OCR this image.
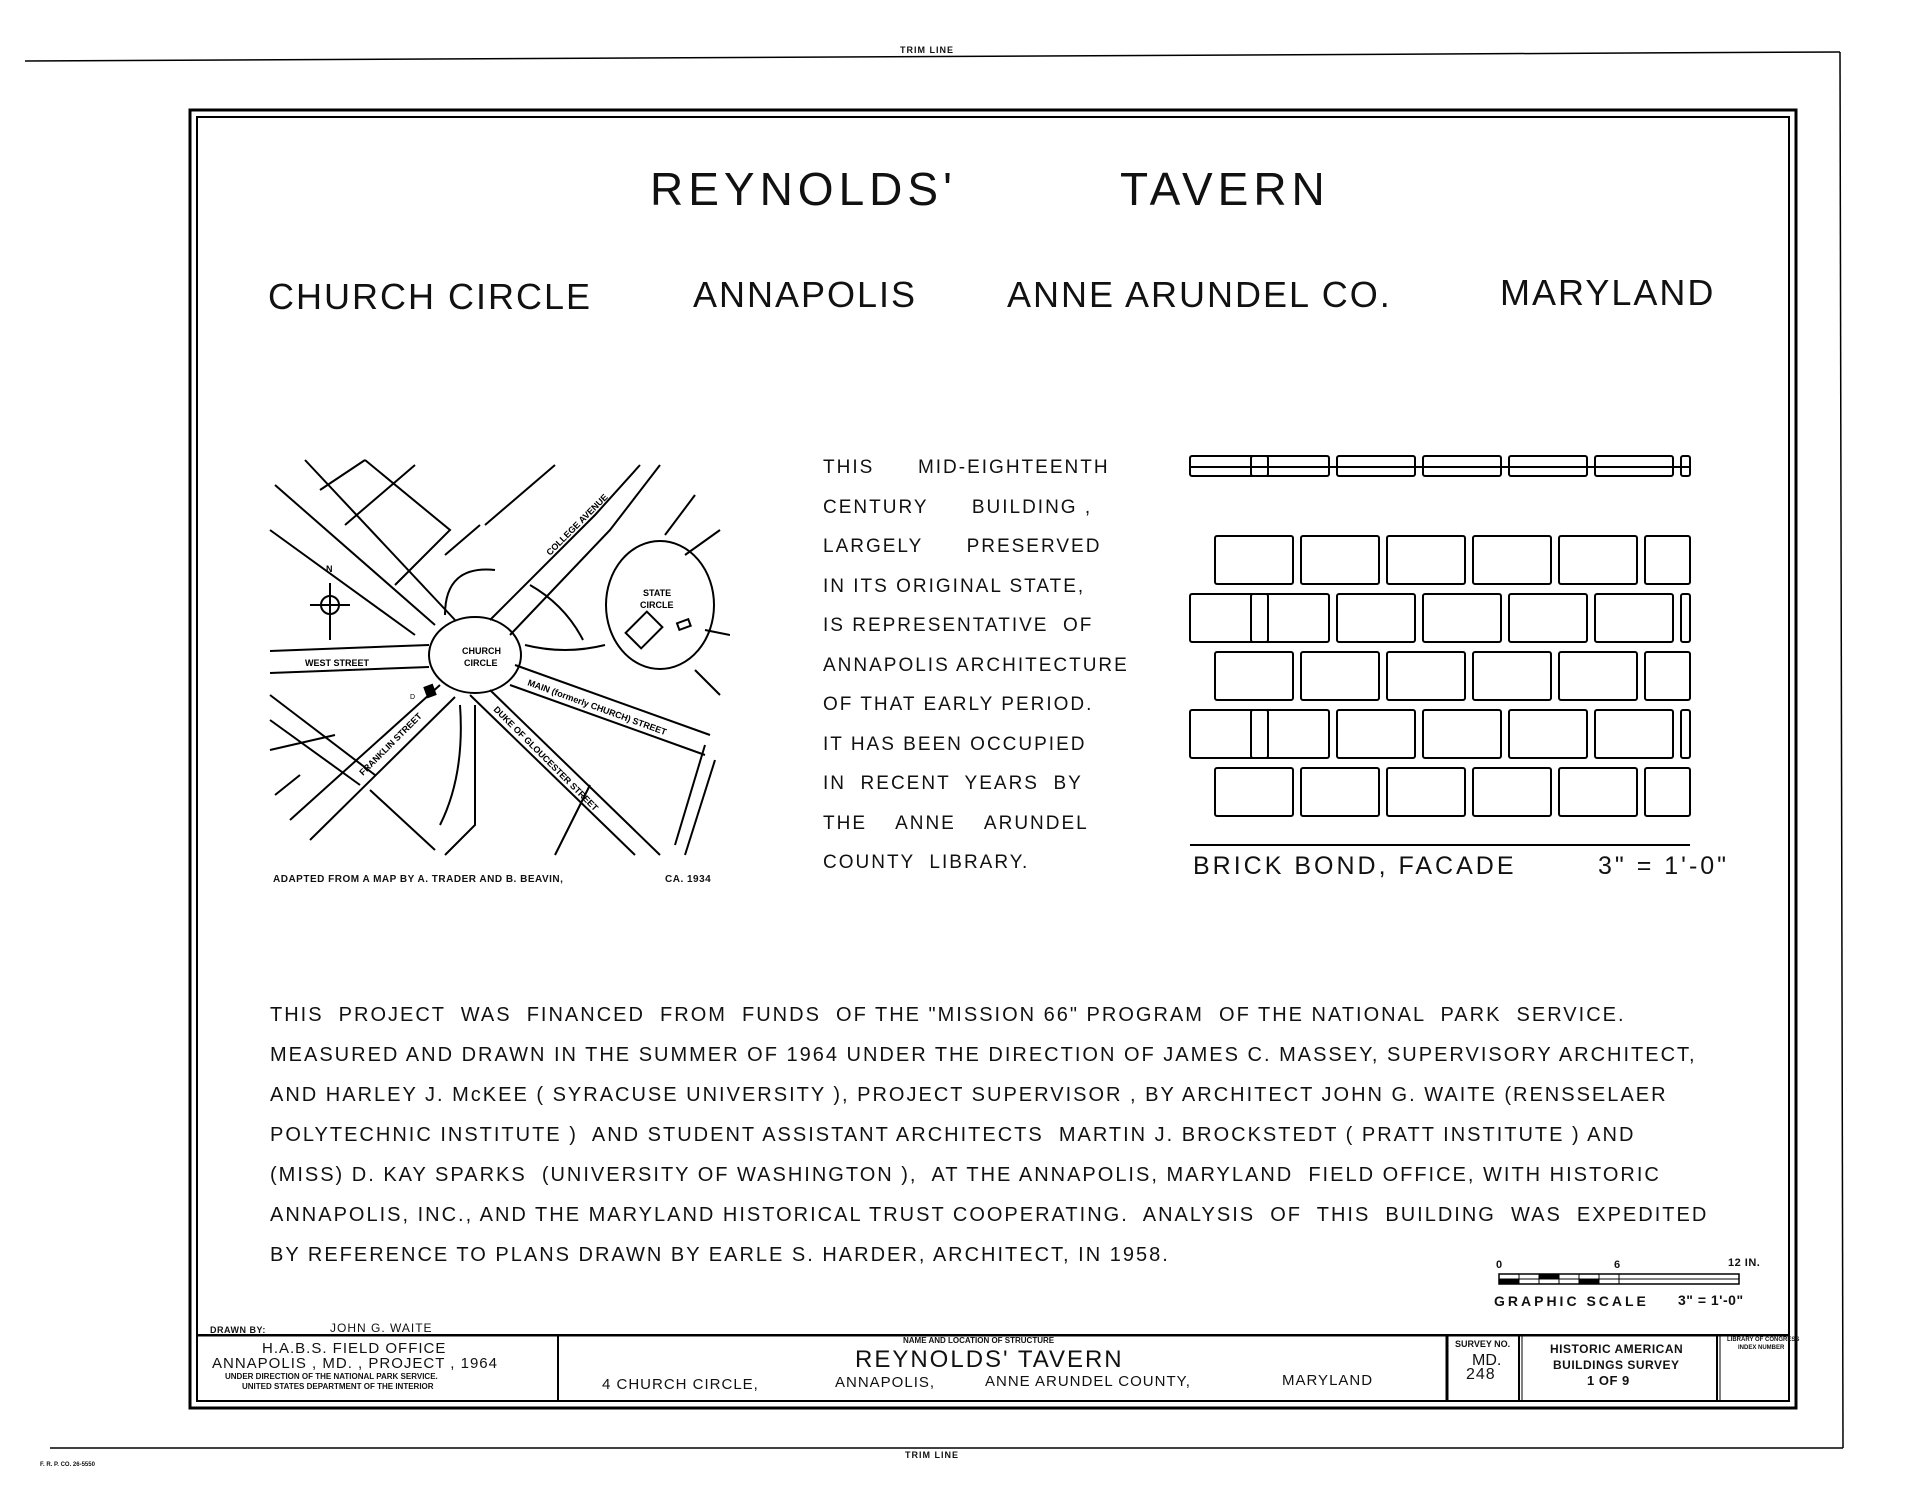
TRIM LINE
TRIM LINE
REYNOLDS'	TAVERN
CHURCH CIRCLE	ANNAPOLIS ANNE ARUNDEL CO.	MARYLAND
N
D
STATE
CIRCLE
CHURCH
CIRCLE
WEST STREET
COLLEGE AVENUE
MAIN (formerly CHURCH) STREET
DUKE OF GLOUCESTER STREET
FRANKLIN STREET
ADAPTED FROM A MAP BY A. TRADER AND B. BEAVIN,	CA. 1934
THIS      MID-EIGHTEENTH
CENTURY      BUILDING ,
LARGELY      PRESERVED
IN ITS ORIGINAL STATE,
IS REPRESENTATIVE  OF
ANNAPOLIS ARCHITECTURE
OF THAT EARLY PERIOD.
IT HAS BEEN OCCUPIED
IN  RECENT  YEARS  BY
THE    ANNE    ARUNDEL
COUNTY  LIBRARY.	BRICK BOND, FACADE	3" = 1'-0"
THIS  PROJECT  WAS  FINANCED  FROM  FUNDS  OF THE "MISSION 66" PROGRAM  OF THE NATIONAL  PARK  SERVICE.
MEASURED AND DRAWN IN THE SUMMER OF 1964 UNDER THE DIRECTION OF JAMES C. MASSEY, SUPERVISORY ARCHITECT,
AND HARLEY J. McKEE ( SYRACUSE UNIVERSITY ), PROJECT SUPERVISOR , BY ARCHITECT JOHN G. WAITE (RENSSELAER
POLYTECHNIC INSTITUTE )  AND STUDENT ASSISTANT ARCHITECTS  MARTIN J. BROCKSTEDT ( PRATT INSTITUTE ) AND
(MISS) D. KAY SPARKS  (UNIVERSITY OF WASHINGTON ),  AT THE ANNAPOLIS, MARYLAND  FIELD OFFICE, WITH HISTORIC
ANNAPOLIS, INC., AND THE MARYLAND HISTORICAL TRUST COOPERATING.  ANALYSIS  OF  THIS  BUILDING  WAS  EXPEDITED
BY REFERENCE TO PLANS DRAWN BY EARLE S. HARDER, ARCHITECT, IN 1958.	0	6	12 IN.
GRAPHIC SCALE 3" = 1'-0"
DRAWN BY:	JOHN G. WAITE
H.A.B.S. FIELD OFFICE
ANNAPOLIS , MD. , PROJECT , 1964
UNDER DIRECTION OF THE NATIONAL PARK SERVICE.
UNITED STATES DEPARTMENT OF THE INTERIOR
NAME AND LOCATION OF STRUCTURE
REYNOLDS' TAVERN
4 CHURCH CIRCLE,	ANNAPOLIS,	ANNE ARUNDEL COUNTY,	MARYLAND
SURVEY NO.
MD.
248
HISTORIC AMERICAN
BUILDINGS SURVEY
1 OF 9
LIBRARY OF CONGRESS
INDEX NUMBER
F. R. P. CO. 26-5550
